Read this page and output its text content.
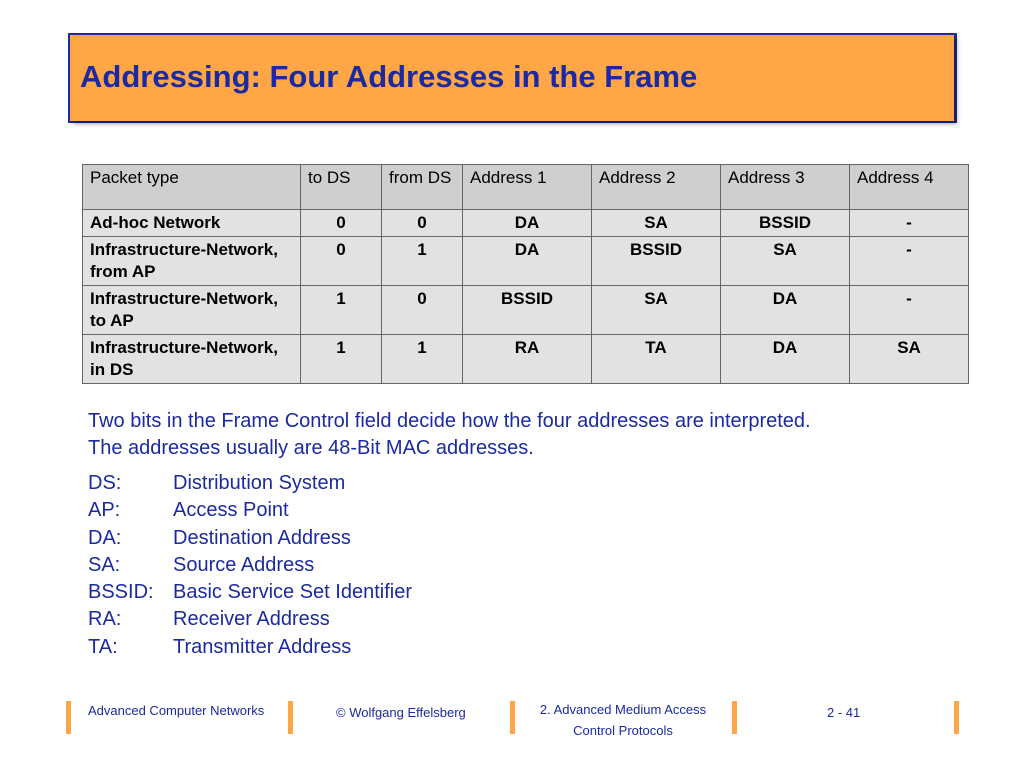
Addressing: Four Addresses in the Frame
Packet type	to DS	from DS	Address 1	Address 2	Address 3	Address 4
Ad-hoc Network	0	0	DA	SA	BSSID	-
Infrastructure-Network, from AP	0	1	DA	BSSID	SA	-
Infrastructure-Network, to AP	1	0	BSSID	SA	DA	-
Infrastructure-Network, in DS	1	1	RA	TA	DA	SA
Two bits in the Frame Control field decide how the four addresses are interpreted.
The addresses usually are 48-Bit MAC addresses.
DS:	Distribution System
AP:	Access Point
DA:	Destination Address
SA:	Source Address
BSSID: Basic Service Set Identifier
RA:	Receiver Address
TA:	Transmitter Address
Advanced Computer Networks	© Wolfgang Effelsberg	2. Advanced Medium Access
Control Protocols
2 - 41
